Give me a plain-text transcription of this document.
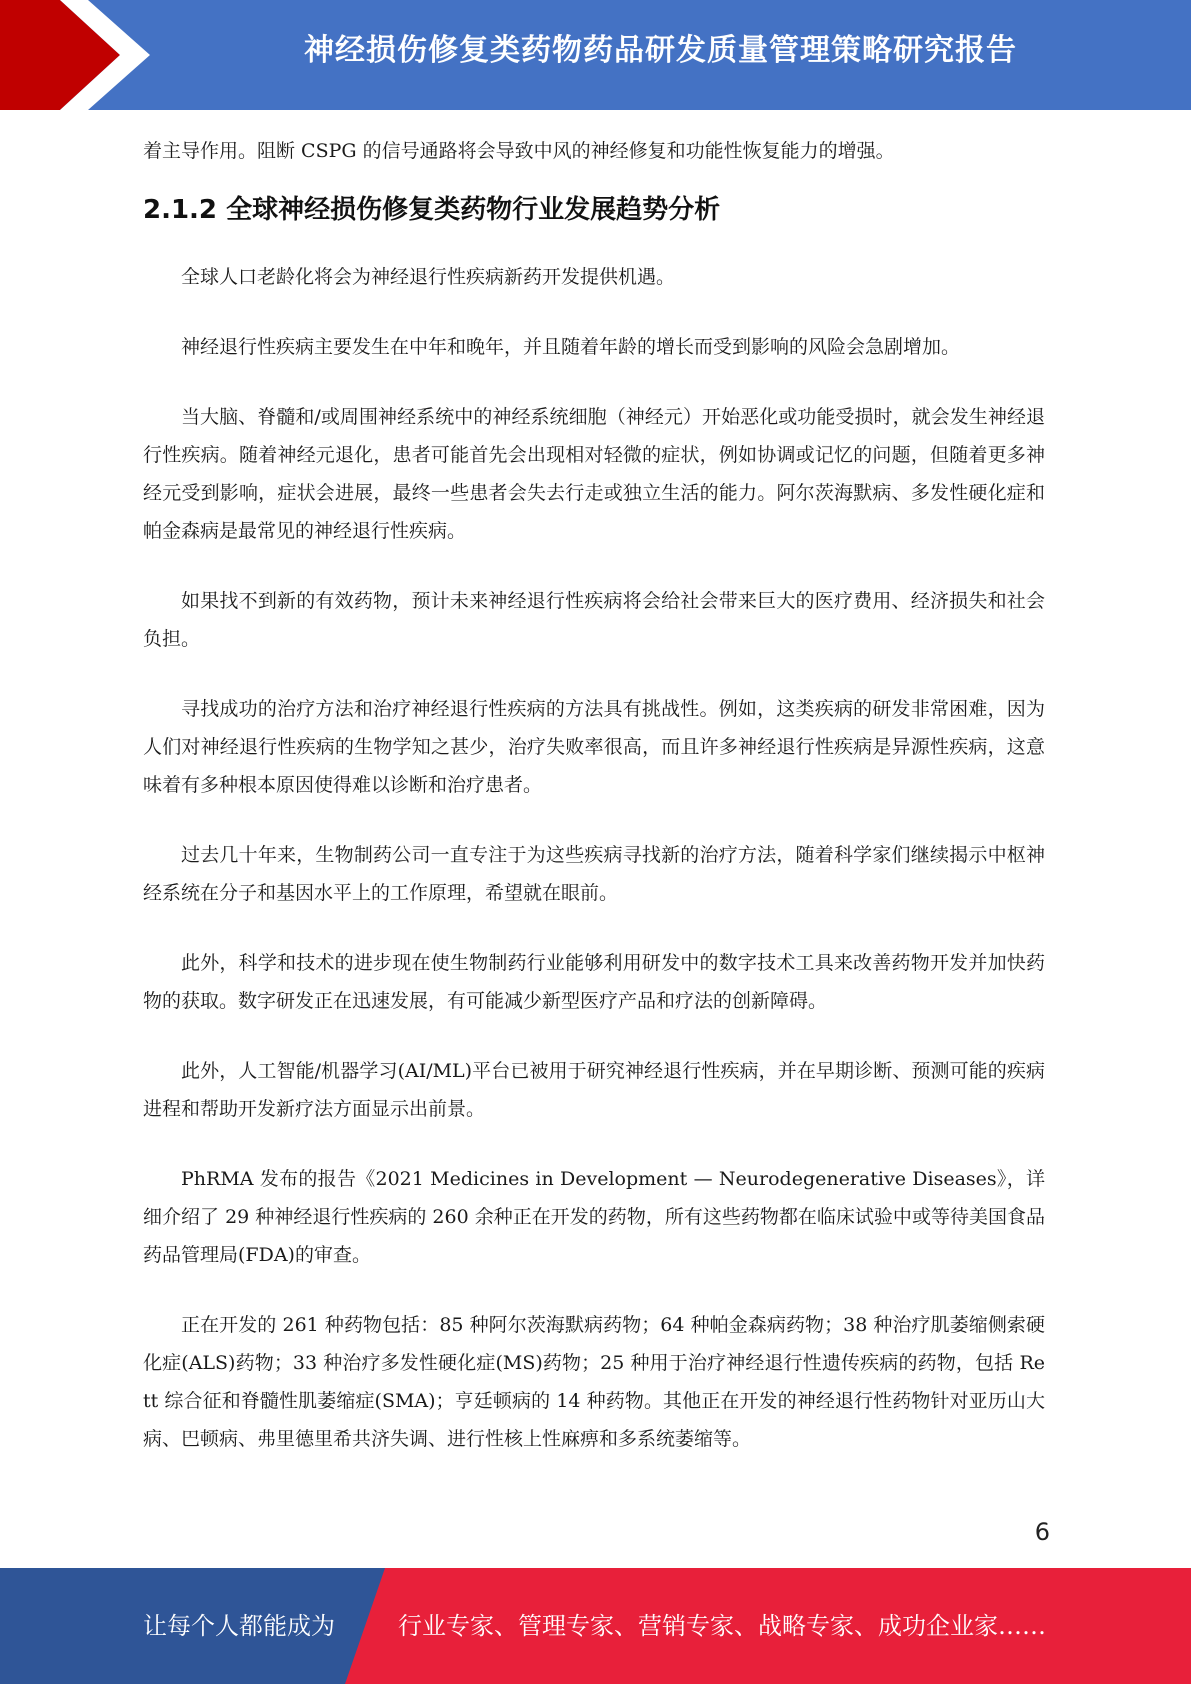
神经损伤修复类药物药品研发质量管理策略研究报告

着主导作用。阻断 CSPG 的信号通路将会导致中风的神经修复和功能性恢复能力的增强。

2.1.2 全球神经损伤修复类药物行业发展趋势分析

全球人口老龄化将会为神经退行性疾病新药开发提供机遇。

神经退行性疾病主要发生在中年和晚年，并且随着年龄的增长而受到影响的风险会急剧增加。

当大脑、脊髓和/或周围神经系统中的神经系统细胞（神经元）开始恶化或功能受损时，就会发生神经退行性疾病。随着神经元退化，患者可能首先会出现相对轻微的症状，例如协调或记忆的问题，但随着更多神经元受到影响，症状会进展，最终一些患者会失去行走或独立生活的能力。阿尔茨海默病、多发性硬化症和帕金森病是最常见的神经退行性疾病。

如果找不到新的有效药物，预计未来神经退行性疾病将会给社会带来巨大的医疗费用、经济损失和社会负担。

寻找成功的治疗方法和治疗神经退行性疾病的方法具有挑战性。例如，这类疾病的研发非常困难，因为人们对神经退行性疾病的生物学知之甚少，治疗失败率很高，而且许多神经退行性疾病是异源性疾病，这意味着有多种根本原因使得难以诊断和治疗患者。

过去几十年来，生物制药公司一直专注于为这些疾病寻找新的治疗方法，随着科学家们继续揭示中枢神经系统在分子和基因水平上的工作原理，希望就在眼前。

此外，科学和技术的进步现在使生物制药行业能够利用研发中的数字技术工具来改善药物开发并加快药物的获取。数字研发正在迅速发展，有可能减少新型医疗产品和疗法的创新障碍。

此外，人工智能/机器学习(AI/ML)平台已被用于研究神经退行性疾病，并在早期诊断、预测可能的疾病进程和帮助开发新疗法方面显示出前景。

PhRMA 发布的报告《2021 Medicines in Development — Neurodegenerative Diseases》，详细介绍了 29 种神经退行性疾病的 260 余种正在开发的药物，所有这些药物都在临床试验中或等待美国食品药品管理局(FDA)的审查。

正在开发的 261 种药物包括：85 种阿尔茨海默病药物；64 种帕金森病药物；38 种治疗肌萎缩侧索硬化症(ALS)药物；33 种治疗多发性硬化症(MS)药物；25 种用于治疗神经退行性遗传疾病的药物，包括 Rett 综合征和脊髓性肌萎缩症(SMA)；亨廷顿病的 14 种药物。其他正在开发的神经退行性药物针对亚历山大病、巴顿病、弗里德里希共济失调、进行性核上性麻痹和多系统萎缩等。

6
让每个人都能成为	行业专家、管理专家、营销专家、战略专家、成功企业家……
